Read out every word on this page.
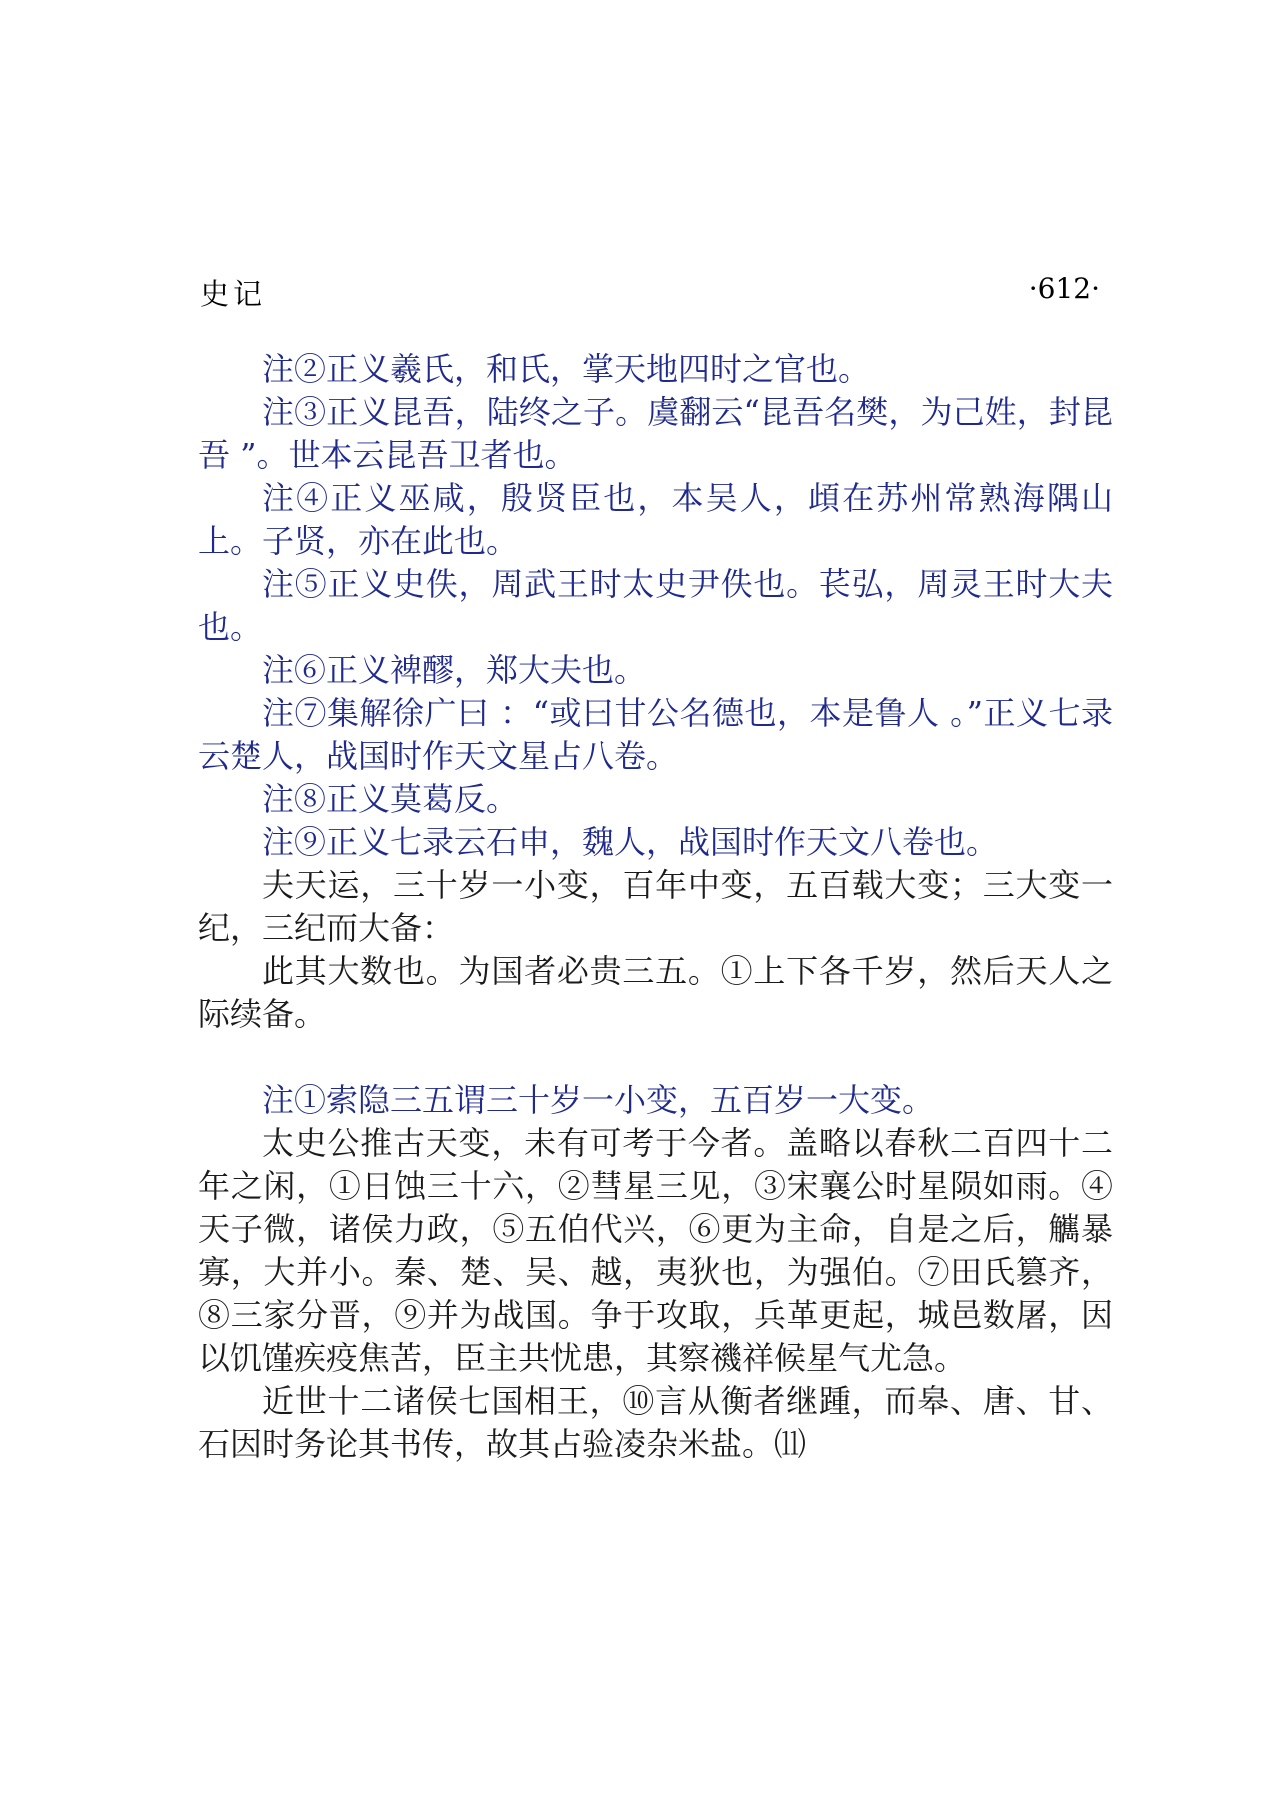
史记	·612·

注②正义羲氏，和氏，掌天地四时之官也。

注③正义昆吾，陆终之子。虞翻云“昆吾名樊，为己姓，封昆吾 ”。世本云昆吾卫者也。

注④正义巫咸，殷贤臣也，本吴人，頉在苏州常熟海隅山上。子贤，亦在此也。

注⑤正义史佚，周武王时太史尹佚也。苌弘，周灵王时大夫也。

注⑥正义裨醪，郑大夫也。

注⑦集解徐广曰 ：“或曰甘公名德也，本是鲁人 。”正义七录云楚人，战国时作天文星占八卷。

注⑧正义莫葛反。

注⑨正义七录云石申，魏人，战国时作天文八卷也。

夫天运，三十岁一小变，百年中变，五百载大变；三大变一纪，三纪而大备：

此其大数也。为国者必贵三五。①上下各千岁，然后天人之际续备。

注①索隐三五谓三十岁一小变，五百岁一大变。

太史公推古天变，未有可考于今者。盖略以春秋二百四十二年之闲，①日蚀三十六，②彗星三见，③宋襄公时星陨如雨。④天子微，诸侯力政，⑤五伯代兴，⑥更为主命，自是之后，觽暴寡，大并小。秦、楚、吴、越，夷狄也，为强伯。⑦田氏篡齐，⑧三家分晋，⑨并为战国。争于攻取，兵革更起，城邑数屠，因以饥馑疾疫焦苦，臣主共忧患，其察禨祥候星气尤急。

近世十二诸侯七国相王，⑩言从衡者继踵，而皋、唐、甘、石因时务论其书传，故其占验凌杂米盐。⑾
